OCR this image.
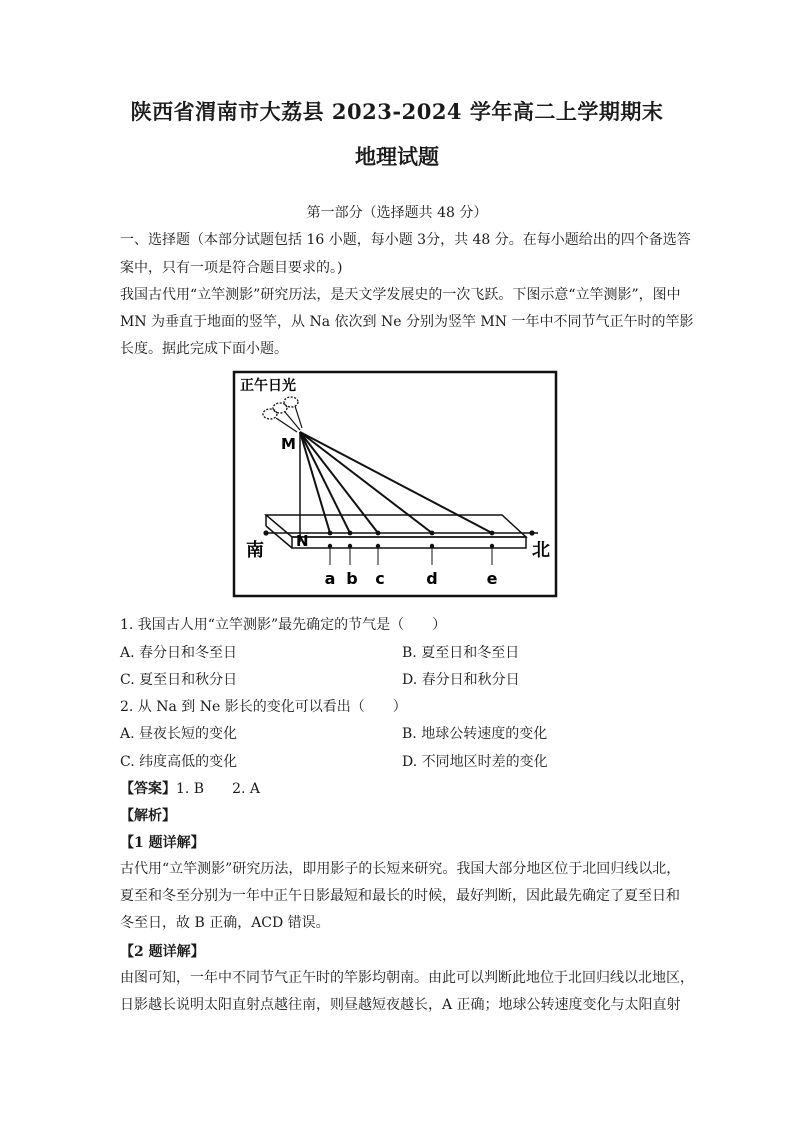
陕西省渭南市大荔县 2023-2024 学年高二上学期期末
地理试题
第一部分（选择题共 48 分）
一、选择题（本部分试题包括 16 小题，每小题 3分，共 48 分。在每小题给出的四个备选答
案中，只有一项是符合题目要求的。)
我国古代用“立竿测影”研究历法，是天文学发展史的一次飞跃。下图示意“立竿测影”，图中
MN 为垂直于地面的竖竿，从 Na 依次到 Ne 分别为竖竿 MN 一年中不同节气正午时的竿影
长度。据此完成下面小题。
正午日光
M
N
南	北
a b c	d	e
1. 我国古人用“立竿测影”最先确定的节气是（　　）
A. 春分日和冬至日	B. 夏至日和冬至日
C. 夏至日和秋分日	D. 春分日和秋分日
2. 从 Na 到 Ne 影长的变化可以看出（　　）
A. 昼夜长短的变化	B. 地球公转速度的变化
C. 纬度高低的变化	D. 不同地区时差的变化
【答案】1. B　　2. A
【解析】
【1 题详解】
古代用“立竿测影”研究历法，即用影子的长短来研究。我国大部分地区位于北回归线以北，
夏至和冬至分别为一年中正午日影最短和最长的时候，最好判断，因此最先确定了夏至日和
冬至日，故 B 正确，ACD 错误。
【2 题详解】
由图可知，一年中不同节气正午时的竿影均朝南。由此可以判断此地位于北回归线以北地区，
日影越长说明太阳直射点越往南，则昼越短夜越长，A 正确；地球公转速度变化与太阳直射
